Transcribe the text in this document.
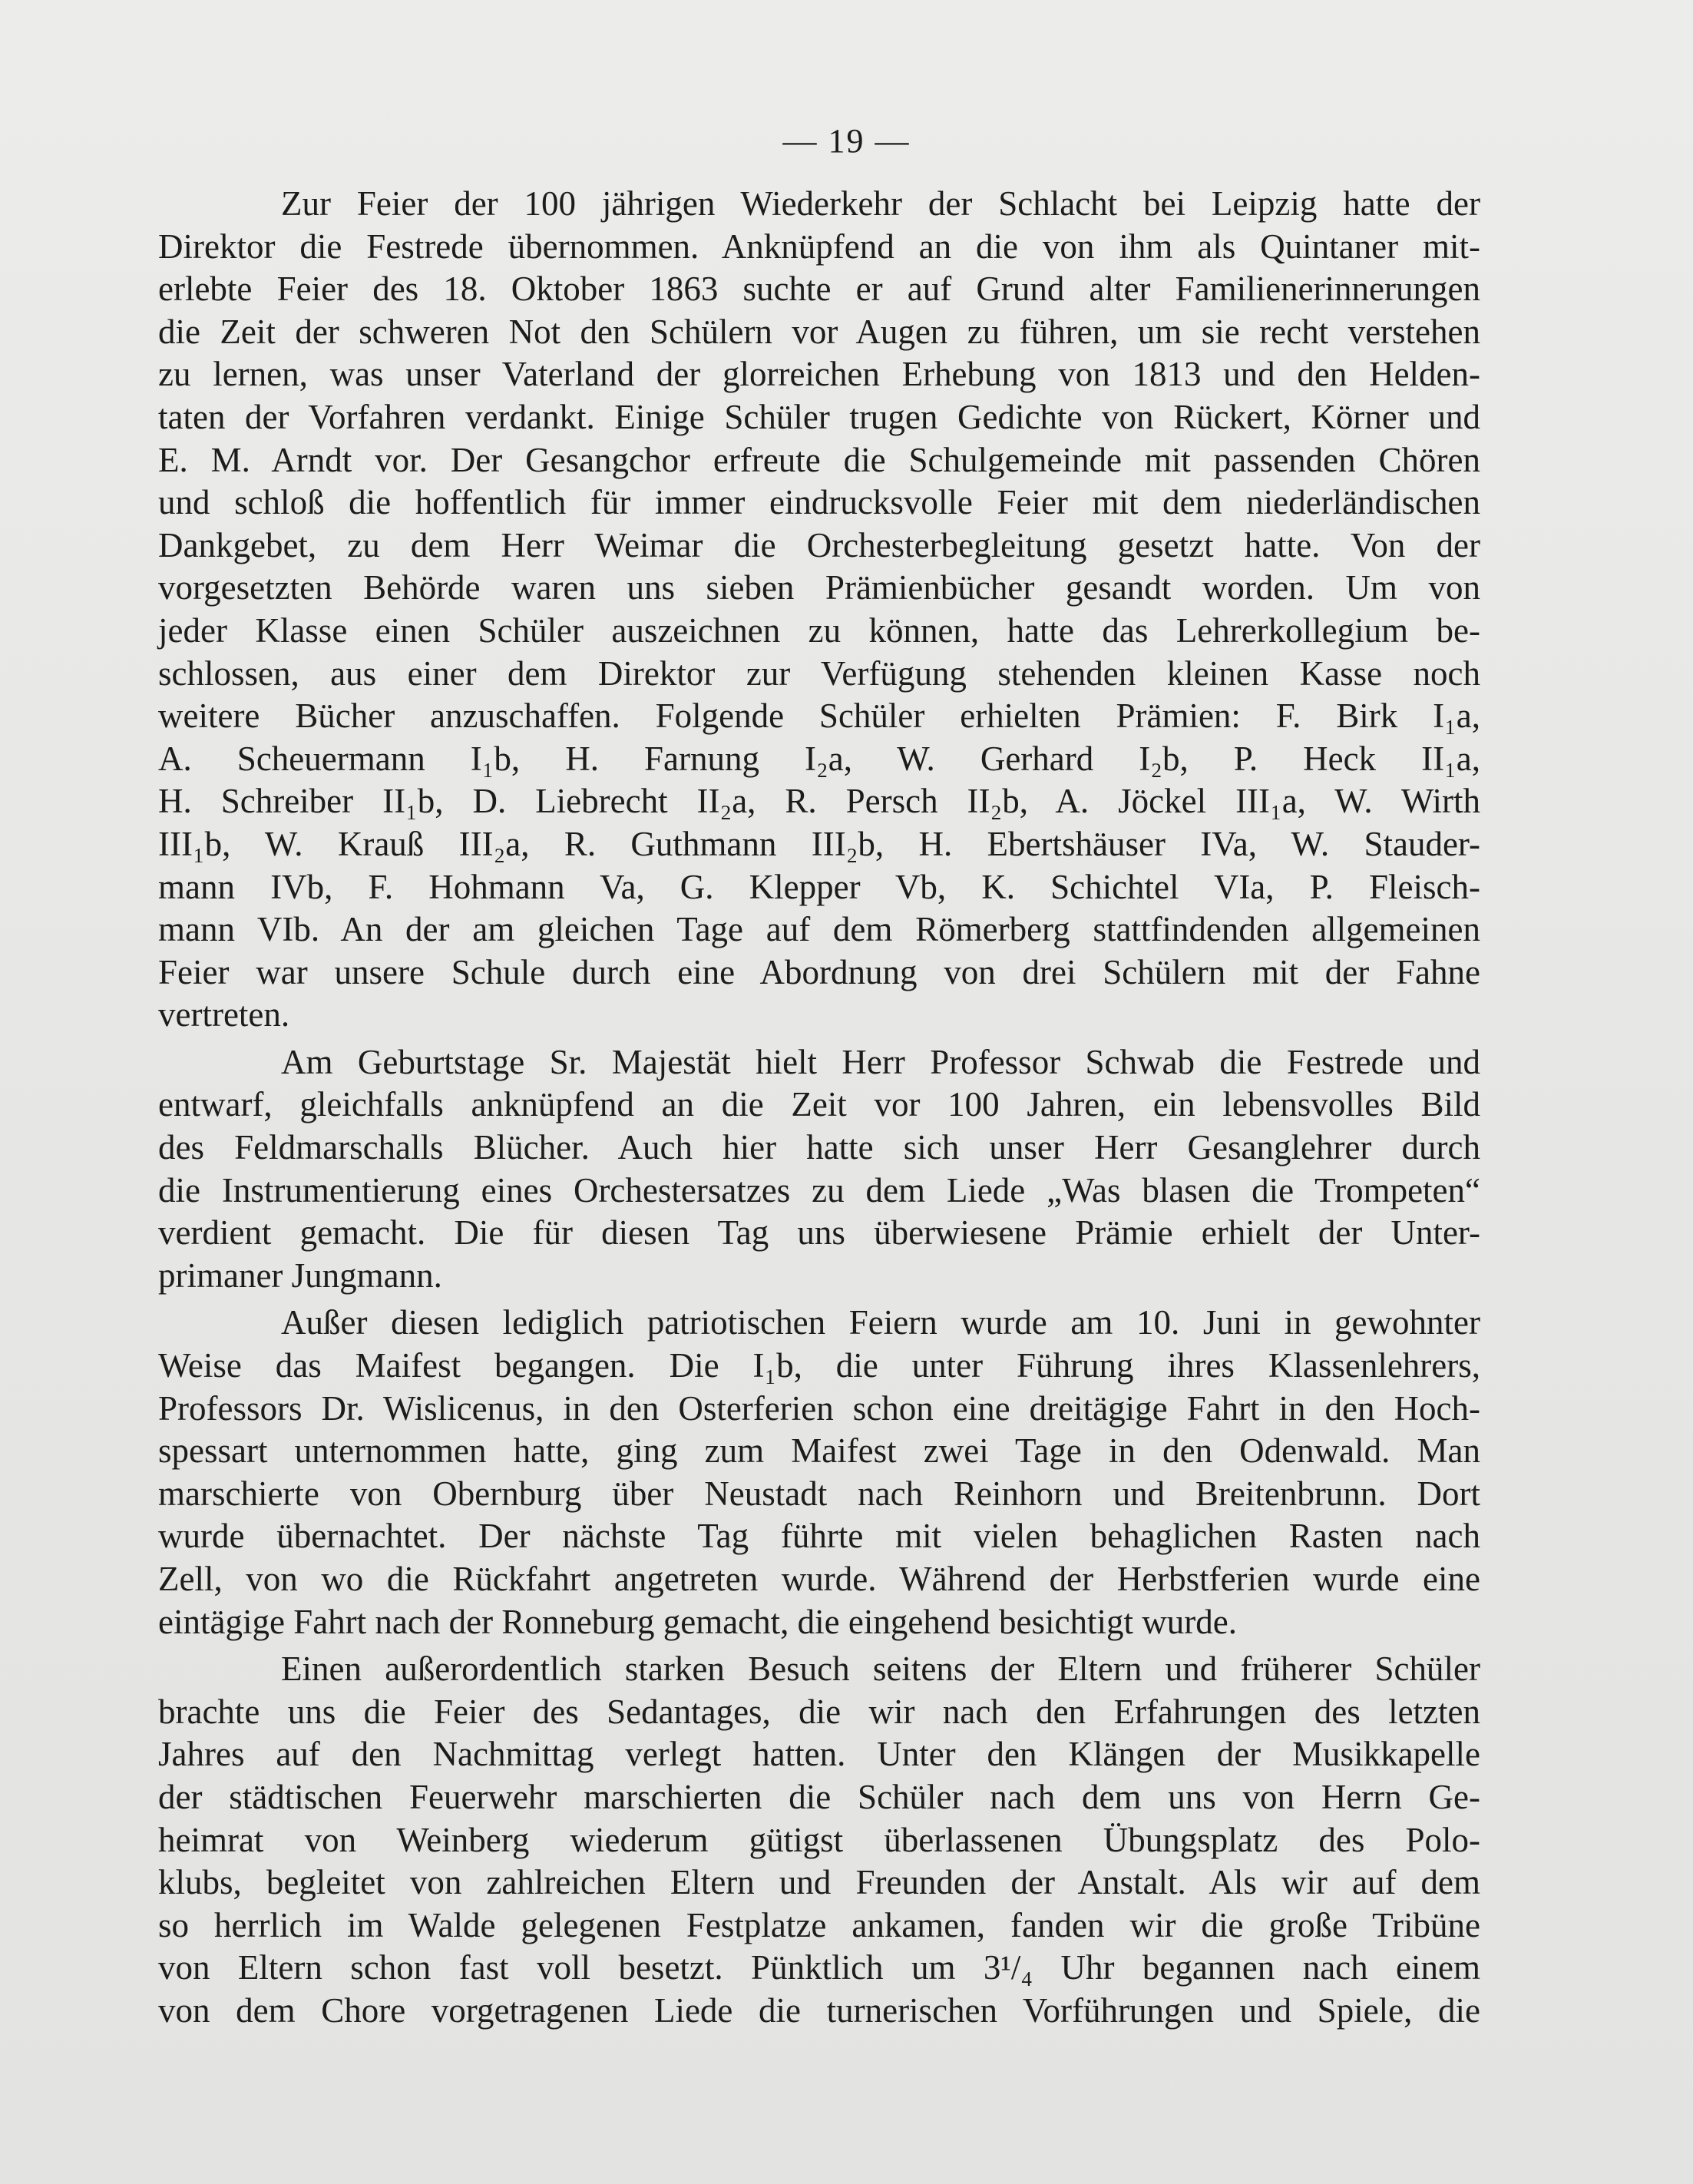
— 19 —
Zur Feier der 100 jährigen Wiederkehr der Schlacht bei Leipzig hatte der
Direktor die Festrede übernommen. Anknüpfend an die von ihm als Quintaner mit-
erlebte Feier des 18. Oktober 1863 suchte er auf Grund alter Familienerinnerungen
die Zeit der schweren Not den Schülern vor Augen zu führen, um sie recht verstehen
zu lernen, was unser Vaterland der glorreichen Erhebung von 1813 und den Helden-
taten der Vorfahren verdankt. Einige Schüler trugen Gedichte von Rückert, Körner und
E. M. Arndt vor. Der Gesangchor erfreute die Schulgemeinde mit passenden Chören
und schloß die hoffentlich für immer eindrucksvolle Feier mit dem niederländischen
Dankgebet, zu dem Herr Weimar die Orchesterbegleitung gesetzt hatte. Von der
vorgesetzten Behörde waren uns sieben Prämienbücher gesandt worden. Um von
jeder Klasse einen Schüler auszeichnen zu können, hatte das Lehrerkollegium be-
schlossen, aus einer dem Direktor zur Verfügung stehenden kleinen Kasse noch
weitere Bücher anzuschaffen. Folgende Schüler erhielten Prämien: F. Birk I₁a,
A. Scheuermann I₁b, H. Farnung I₂a, W. Gerhard I₂b, P. Heck II₁a,
H. Schreiber II₁b, D. Liebrecht II₂a, R. Persch II₂b, A. Jöckel III₁a, W. Wirth
III₁b, W. Krauß III₂a, R. Guthmann III₂b, H. Ebertshäuser IVa, W. Stauder-
mann IVb, F. Hohmann Va, G. Klepper Vb, K. Schichtel VIa, P. Fleisch-
mann VIb. An der am gleichen Tage auf dem Römerberg stattfindenden allgemeinen
Feier war unsere Schule durch eine Abordnung von drei Schülern mit der Fahne
vertreten.
Am Geburtstage Sr. Majestät hielt Herr Professor Schwab die Festrede und
entwarf, gleichfalls anknüpfend an die Zeit vor 100 Jahren, ein lebensvolles Bild
des Feldmarschalls Blücher. Auch hier hatte sich unser Herr Gesanglehrer durch
die Instrumentierung eines Orchestersatzes zu dem Liede „Was blasen die Trompeten“
verdient gemacht. Die für diesen Tag uns überwiesene Prämie erhielt der Unter-
primaner Jungmann.
Außer diesen lediglich patriotischen Feiern wurde am 10. Juni in gewohnter
Weise das Maifest begangen. Die I₁b, die unter Führung ihres Klassenlehrers,
Professors Dr. Wislicenus, in den Osterferien schon eine dreitägige Fahrt in den Hoch-
spessart unternommen hatte, ging zum Maifest zwei Tage in den Odenwald. Man
marschierte von Obernburg über Neustadt nach Reinhorn und Breitenbrunn. Dort
wurde übernachtet. Der nächste Tag führte mit vielen behaglichen Rasten nach
Zell, von wo die Rückfahrt angetreten wurde. Während der Herbstferien wurde eine
eintägige Fahrt nach der Ronneburg gemacht, die eingehend besichtigt wurde.
Einen außerordentlich starken Besuch seitens der Eltern und früherer Schüler
brachte uns die Feier des Sedantages, die wir nach den Erfahrungen des letzten
Jahres auf den Nachmittag verlegt hatten. Unter den Klängen der Musikkapelle
der städtischen Feuerwehr marschierten die Schüler nach dem uns von Herrn Ge-
heimrat von Weinberg wiederum gütigst überlassenen Übungsplatz des Polo-
klubs, begleitet von zahlreichen Eltern und Freunden der Anstalt. Als wir auf dem
so herrlich im Walde gelegenen Festplatze ankamen, fanden wir die große Tribüne
von Eltern schon fast voll besetzt. Pünktlich um 3¹/₄ Uhr begannen nach einem
von dem Chore vorgetragenen Liede die turnerischen Vorführungen und Spiele, die
